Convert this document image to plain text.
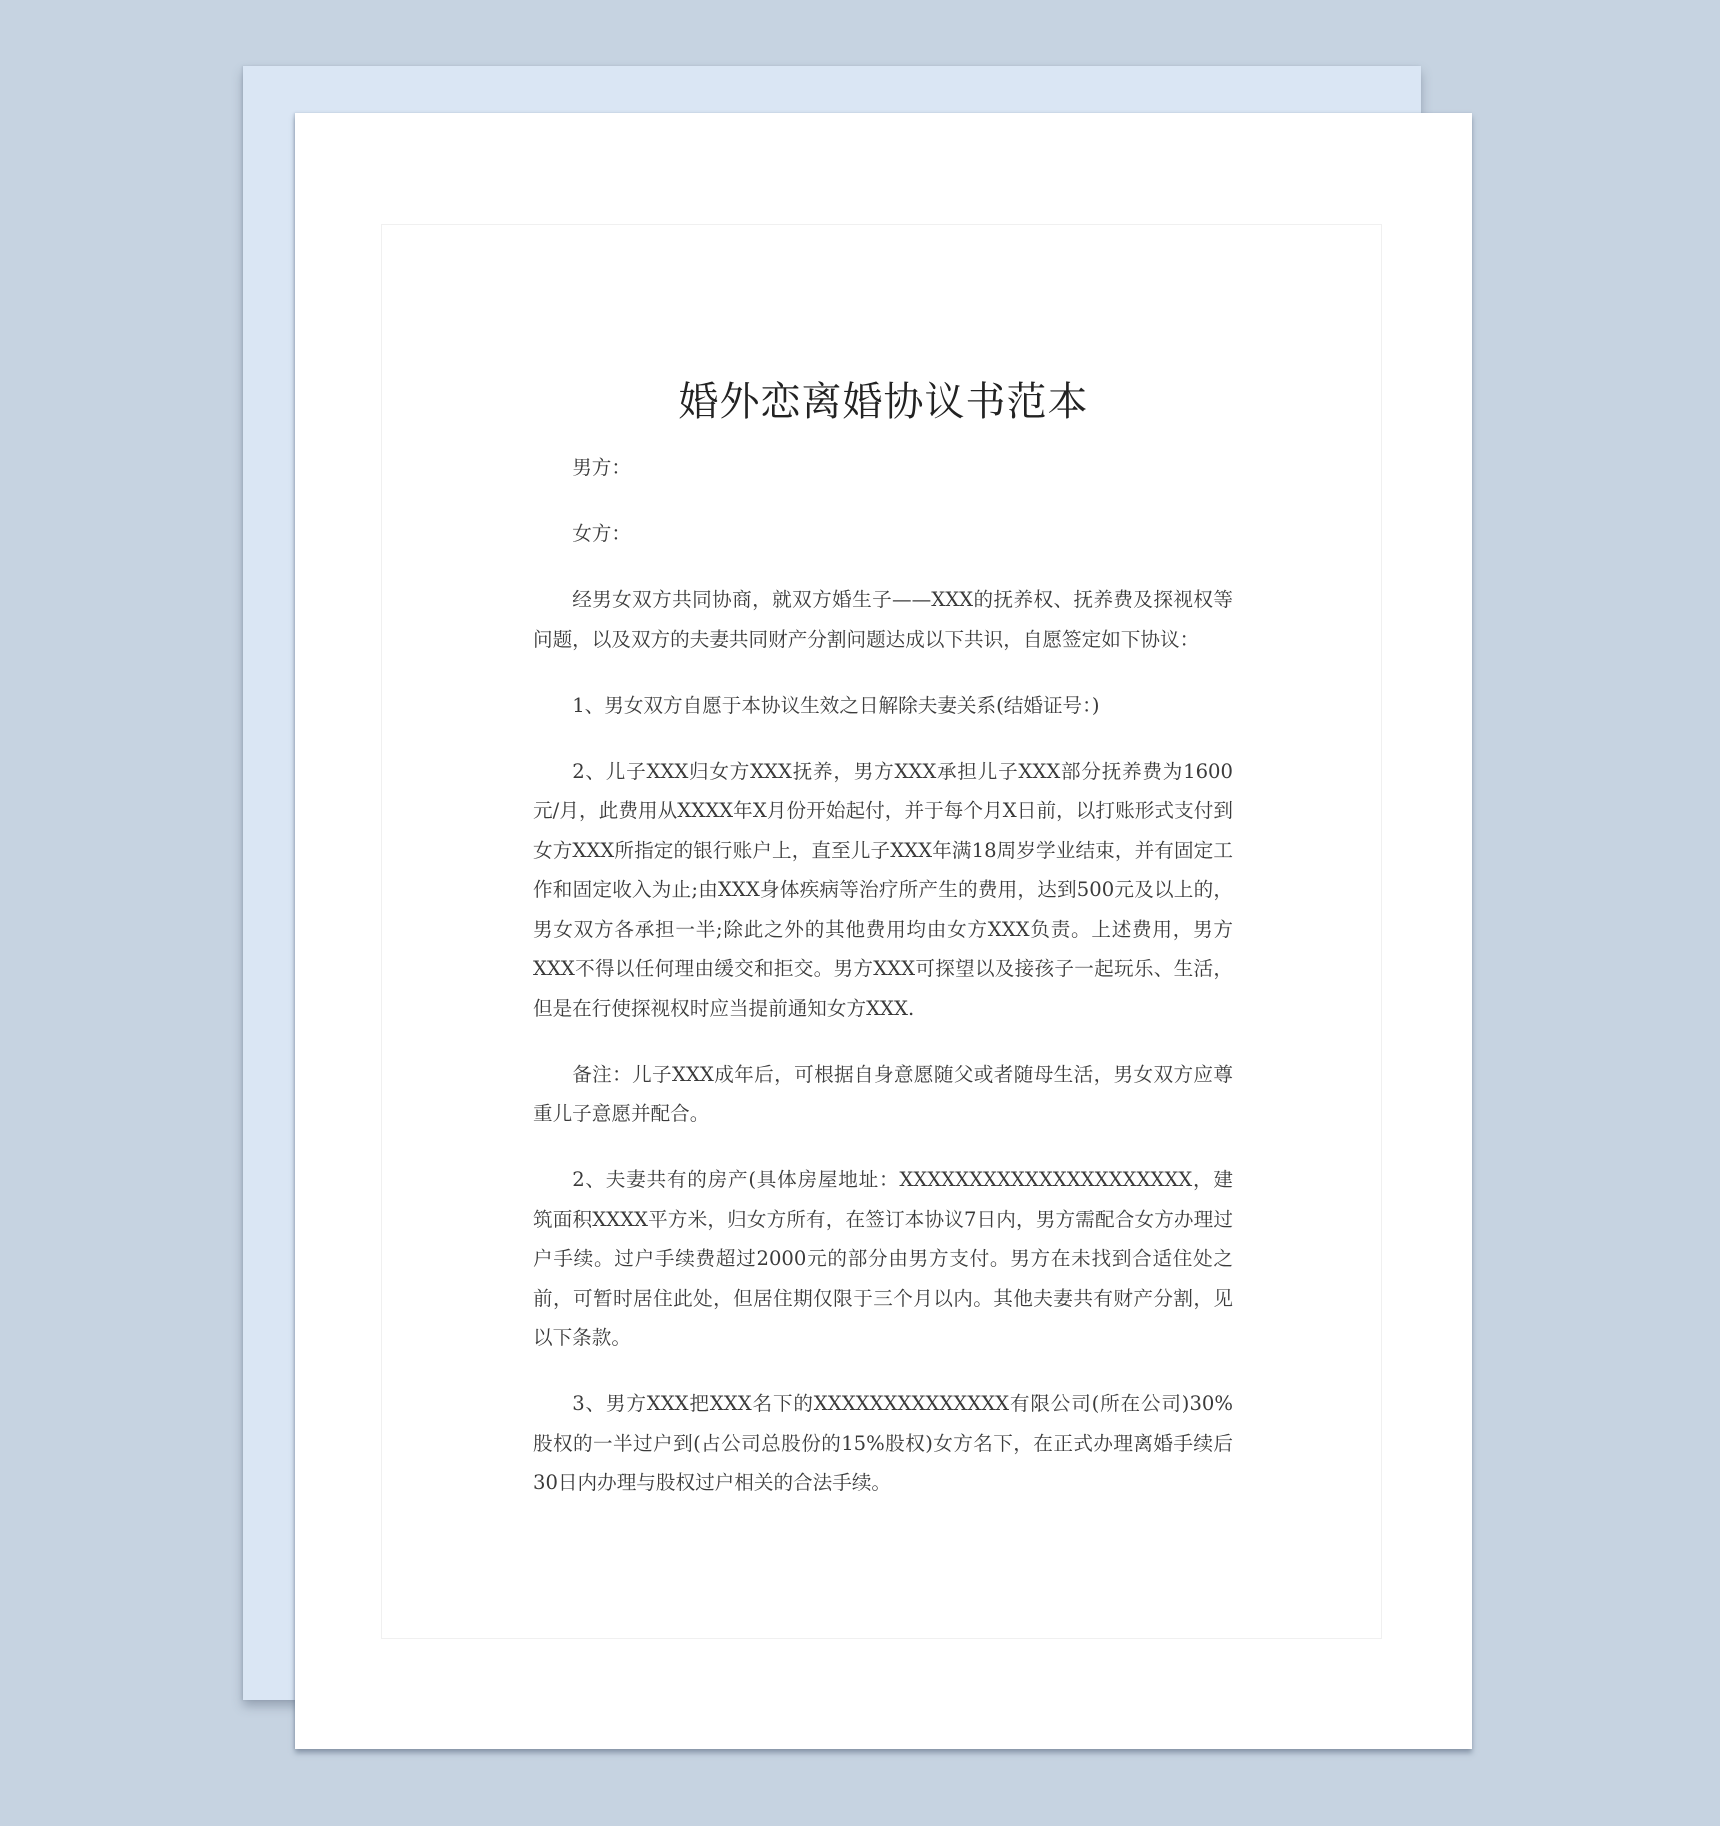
婚外恋离婚协议书范本

男方：

女方：

经男女双方共同协商，就双方婚生子——XXX的抚养权、抚养费及探视权等问题，以及双方的夫妻共同财产分割问题达成以下共识，自愿签定如下协议：

1、男女双方自愿于本协议生效之日解除夫妻关系(结婚证号：)

2、儿子XXX归女方XXX抚养，男方XXX承担儿子XXX部分抚养费为1600元/月，此费用从XXXX年X月份开始起付，并于每个月X日前，以打账形式支付到女方XXX所指定的银行账户上，直至儿子XXX年满18周岁学业结束，并有固定工作和固定收入为止;由XXX身体疾病等治疗所产生的费用，达到500元及以上的，男女双方各承担一半;除此之外的其他费用均由女方XXX负责。上述费用，男方XXX不得以任何理由缓交和拒交。男方XXX可探望以及接孩子一起玩乐、生活，但是在行使探视权时应当提前通知女方XXX.

备注：儿子XXX成年后，可根据自身意愿随父或者随母生活，男女双方应尊重儿子意愿并配合。

2、夫妻共有的房产(具体房屋地址：XXXXXXXXXXXXXXXXXXXXX，建筑面积XXXX平方米，归女方所有，在签订本协议7日内，男方需配合女方办理过户手续。过户手续费超过2000元的部分由男方支付。男方在未找到合适住处之前，可暂时居住此处，但居住期仅限于三个月以内。其他夫妻共有财产分割，见以下条款。

3、男方XXX把XXX名下的XXXXXXXXXXXXXX有限公司(所在公司)30%股权的一半过户到(占公司总股份的15%股权)女方名下，在正式办理离婚手续后30日内办理与股权过户相关的合法手续。
